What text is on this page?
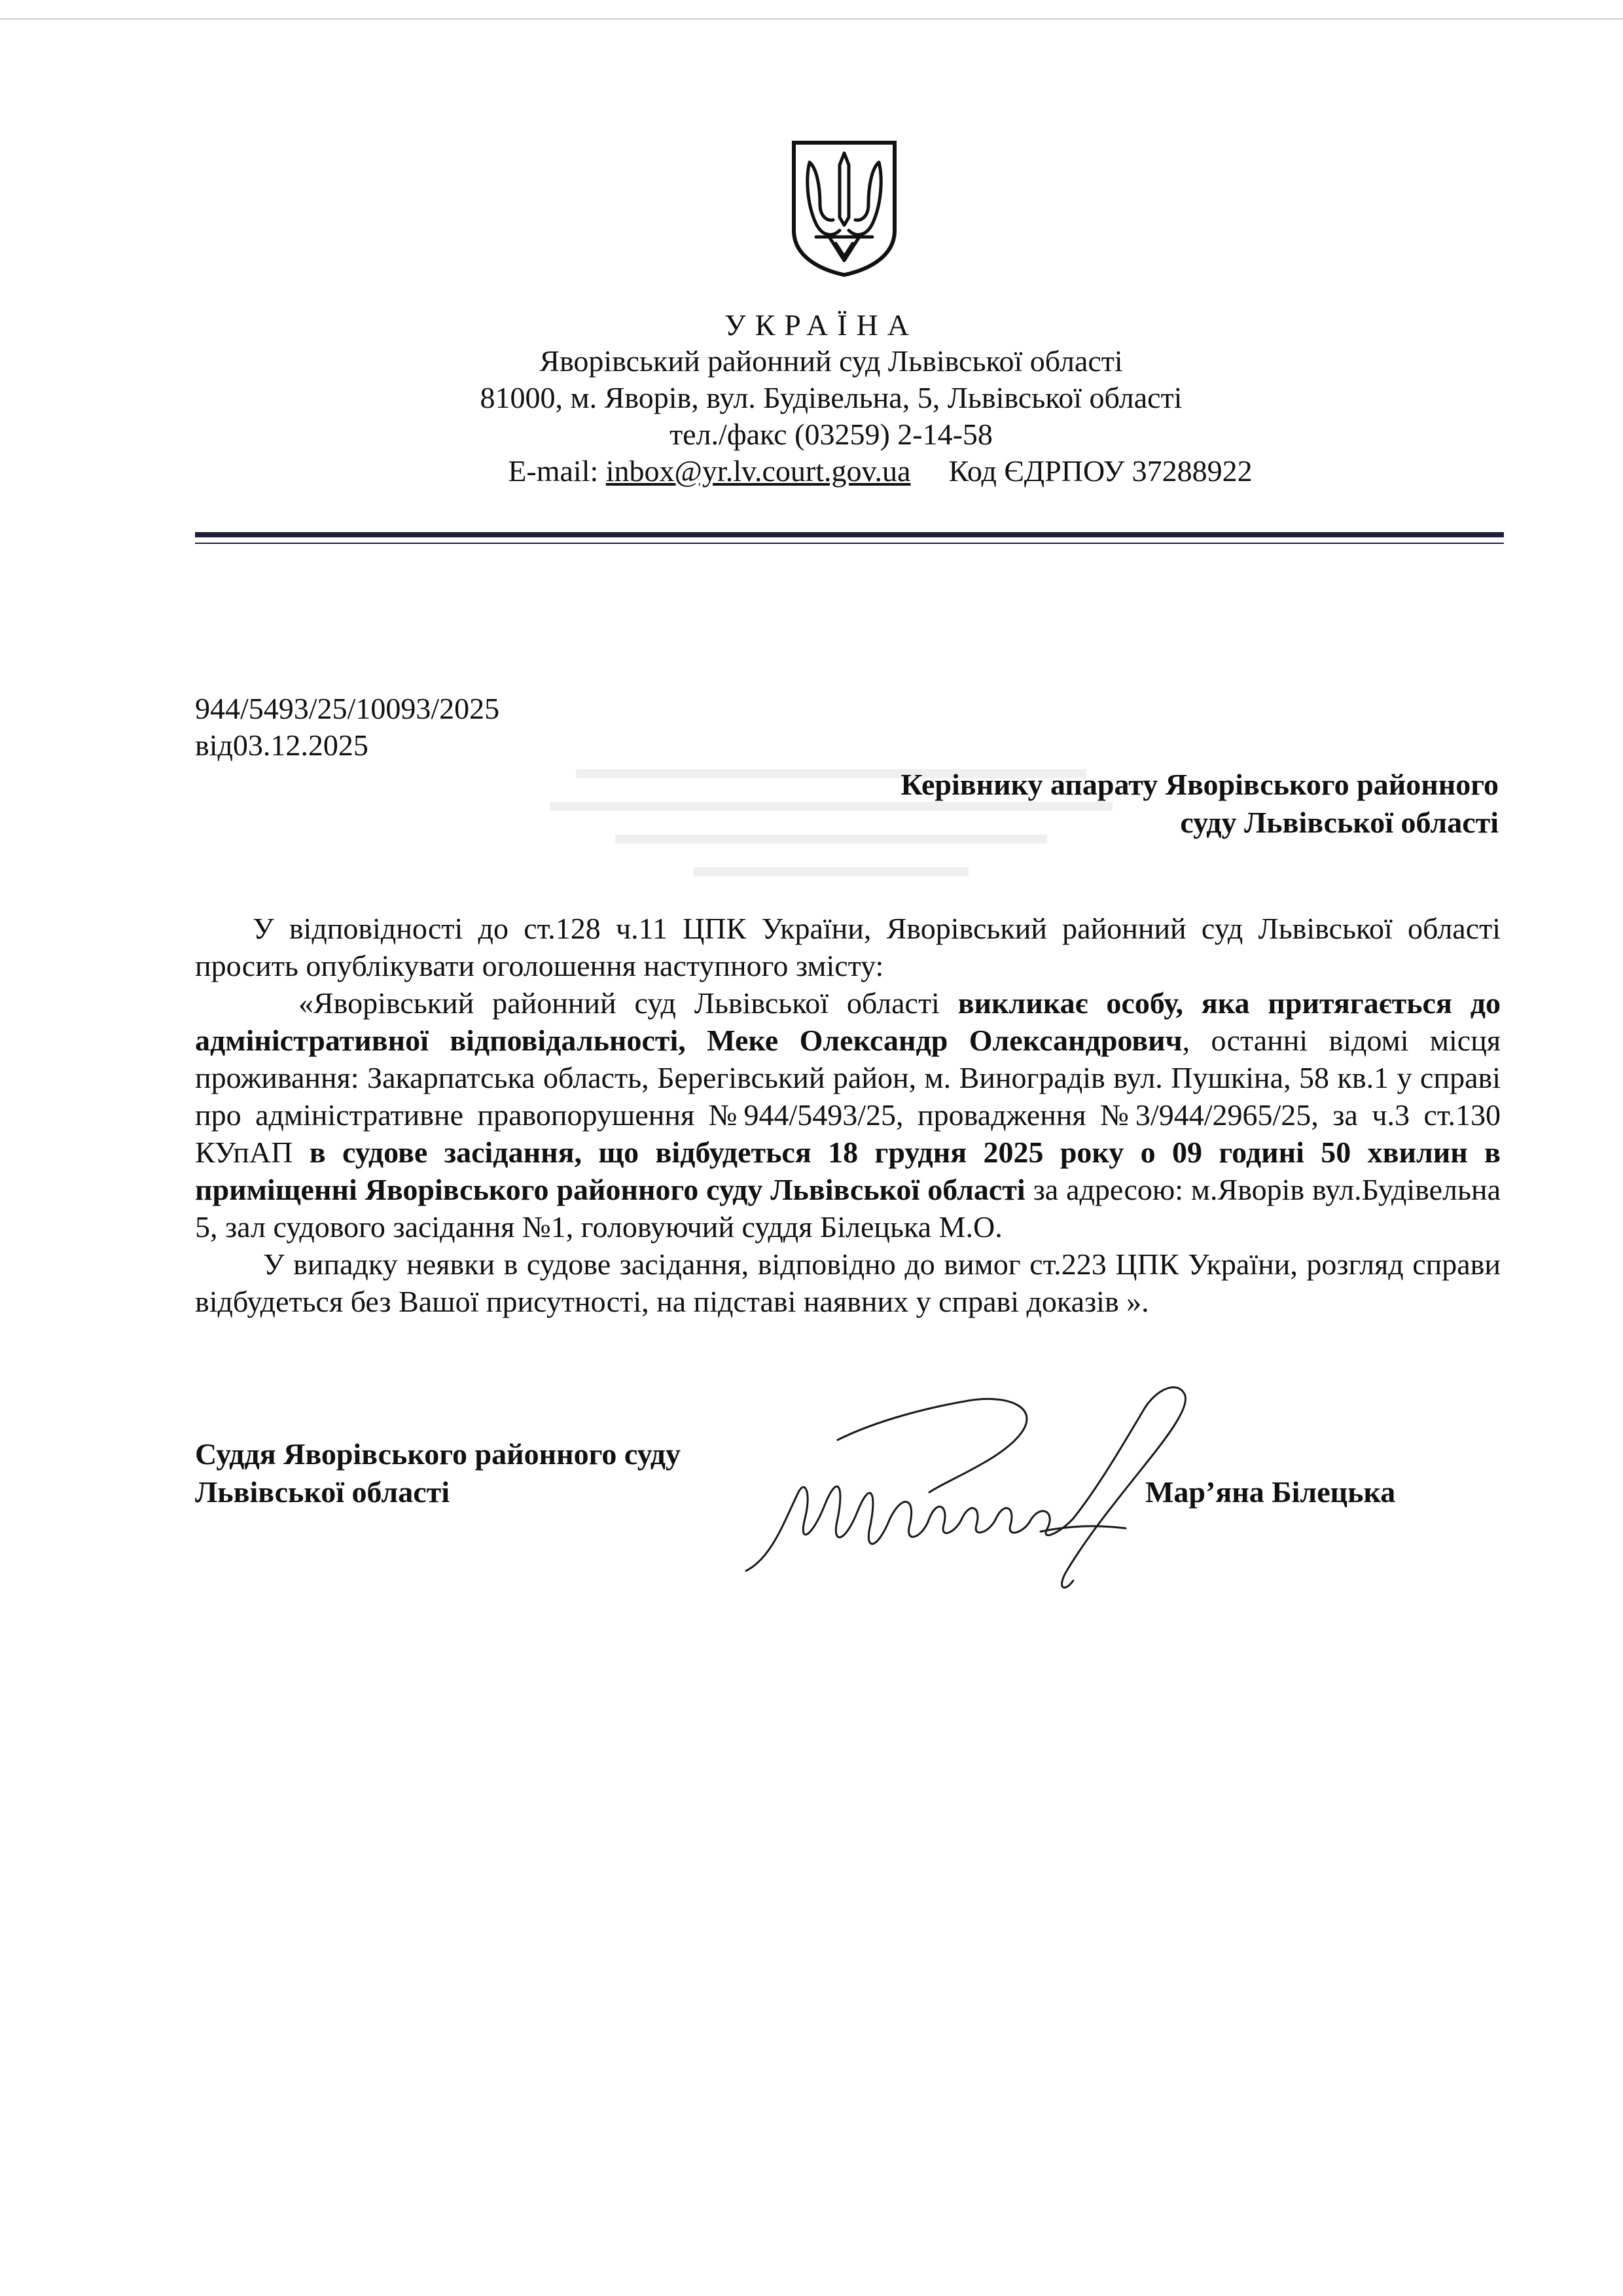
УКРАЇНА
Яворівський районний суд Львівської області
81000, м. Яворів, вул. Будівельна, 5, Львівської області
тел./факс (03259) 2-14-58
E-mail: inbox@yr.lv.court.gov.ua Код ЄДРПОУ 37288922
944/5493/25/10093/2025
від03.12.2025
Керівнику апарату Яворівського районного
суду Львівської області

У відповідності до ст.128 ч.11 ЦПК України, Яворівський районний суд Львівської області просить опублікувати оголошення наступного змісту:

«Яворівський районний суд Львівської області викликає особу, яка притягається до адміністративної відповідальності, Меке Олександр Олександрович, останні відомі місця проживання: Закарпатська область, Берегівський район, м. Виноградів вул. Пушкіна, 58 кв.1 у справі про адміністративне правопорушення №944/5493/25, провадження №3/944/2965/25, за ч.3 ст.130 КУпАП в судове засідання, що відбудеться 18 грудня 2025 року о 09 годині 50 хвилин в приміщенні Яворівського районного суду Львівської області за адресою: м.Яворів вул.Будівельна 5, зал судового засідання №1, головуючий суддя Білецька М.О.

У випадку неявки в судове засідання, відповідно до вимог ст.223 ЦПК України, розгляд справи відбудеться без Вашої присутності, на підставі наявних у справі доказів ».

Суддя Яворівського районного суду
Львівської області	Мар’яна Білецька
